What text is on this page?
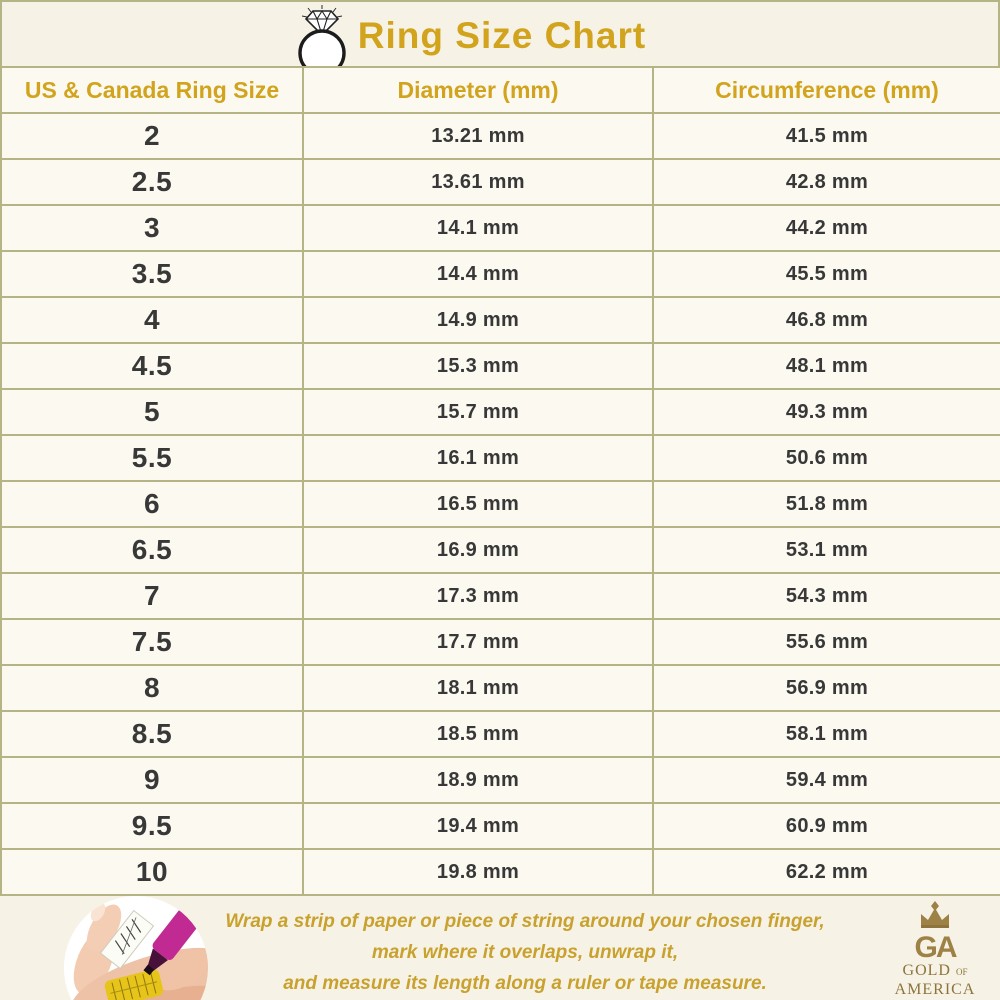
Ring Size Chart
US & Canada Ring Size	Diameter (mm)	Circumference (mm)
2	13.21 mm	41.5 mm
2.5	13.61 mm	42.8 mm
3	14.1 mm	44.2 mm
3.5	14.4 mm	45.5 mm
4	14.9 mm	46.8 mm
4.5	15.3 mm	48.1 mm
5	15.7 mm	49.3 mm
5.5	16.1 mm	50.6 mm
6	16.5 mm	51.8 mm
6.5	16.9 mm	53.1 mm
7	17.3 mm	54.3 mm
7.5	17.7 mm	55.6 mm
8	18.1 mm	56.9 mm
8.5	18.5 mm	58.1 mm
9	18.9 mm	59.4 mm
9.5	19.4 mm	60.9 mm
10	19.8 mm	62.2 mm
Wrap a strip of paper or piece of string around your chosen finger,
mark where it overlaps, unwrap it,
and measure its length along a ruler or tape measure.
GA
GOLD OF
AMERICA
